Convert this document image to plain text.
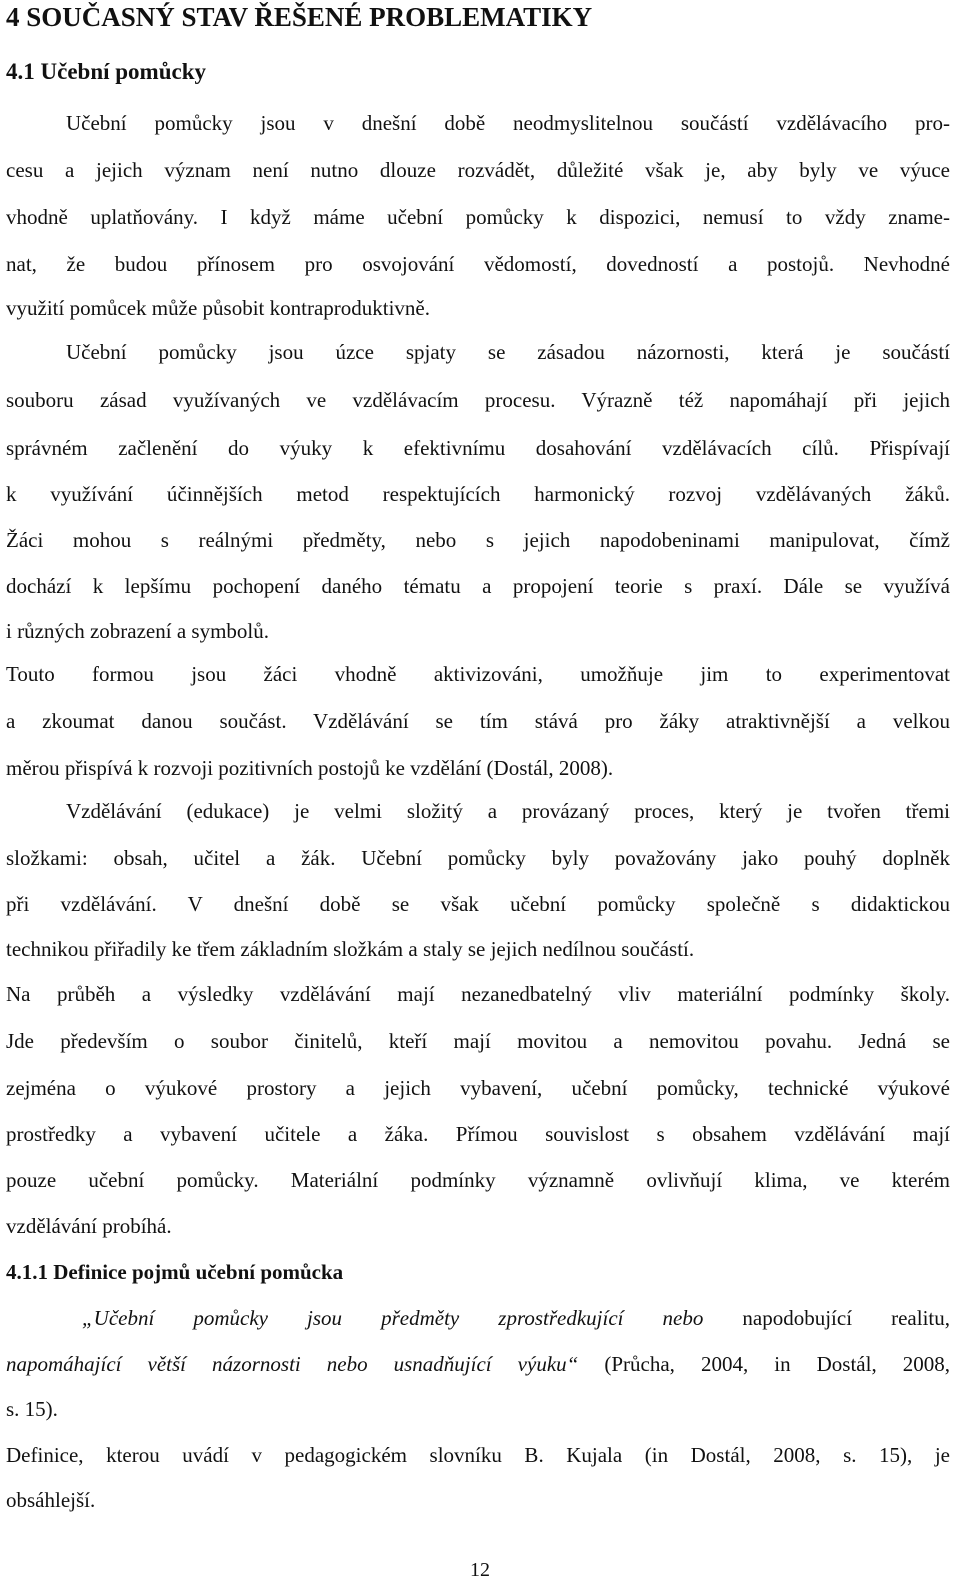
4 SOUČASNÝ STAV ŘEŠENÉ PROBLEMATIKY
4.1 Učební pomůcky
Učební pomůcky jsou v dnešní době neodmyslitelnou součástí vzdělávacího pro-
cesu a jejich význam není nutno dlouze rozvádět, důležité však je, aby byly ve výuce
vhodně uplatňovány. I když máme učební pomůcky k dispozici, nemusí to vždy zname-
nat, že budou přínosem pro osvojování vědomostí, dovedností a postojů. Nevhodné
využití pomůcek může působit kontraproduktivně.
Učební pomůcky jsou úzce spjaty se zásadou názornosti, která je součástí
souboru zásad využívaných ve vzdělávacím procesu. Výrazně též napomáhají při jejich
správném začlenění do výuky k efektivnímu dosahování vzdělávacích cílů. Přispívají
k využívání účinnějších metod respektujících harmonický rozvoj vzdělávaných žáků.
Žáci mohou s reálnými předměty, nebo s jejich napodobeninami manipulovat, čímž
dochází k lepšímu pochopení daného tématu a propojení teorie s praxí. Dále se využívá
i různých zobrazení a symbolů.
Touto formou jsou žáci vhodně aktivizováni, umožňuje jim to experimentovat
a zkoumat danou součást. Vzdělávání se tím stává pro žáky atraktivnější a velkou
měrou přispívá k rozvoji pozitivních postojů ke vzdělání (Dostál, 2008).
Vzdělávání (edukace) je velmi složitý a provázaný proces, který je tvořen třemi
složkami: obsah, učitel a žák. Učební pomůcky byly považovány jako pouhý doplněk
při vzdělávání. V dnešní době se však učební pomůcky společně s didaktickou
technikou přiřadily ke třem základním složkám a staly se jejich nedílnou součástí.
Na průběh a výsledky vzdělávání mají nezanedbatelný vliv materiální podmínky školy.
Jde především o soubor činitelů, kteří mají movitou a nemovitou povahu. Jedná se
zejména o výukové prostory a jejich vybavení, učební pomůcky, technické výukové
prostředky a vybavení učitele a žáka. Přímou souvislost s obsahem vzdělávání mají
pouze učební pomůcky. Materiální podmínky významně ovlivňují klima, ve kterém
vzdělávání probíhá.
4.1.1 Definice pojmů učební pomůcka
„Učební pomůcky jsou předměty zprostředkující nebo napodobující realitu,
napomáhající větší názornosti nebo usnadňující výuku“ (Průcha, 2004, in Dostál, 2008,
s. 15).
Definice, kterou uvádí v pedagogickém slovníku B. Kujala (in Dostál, 2008, s. 15), je
obsáhlejší.
12
